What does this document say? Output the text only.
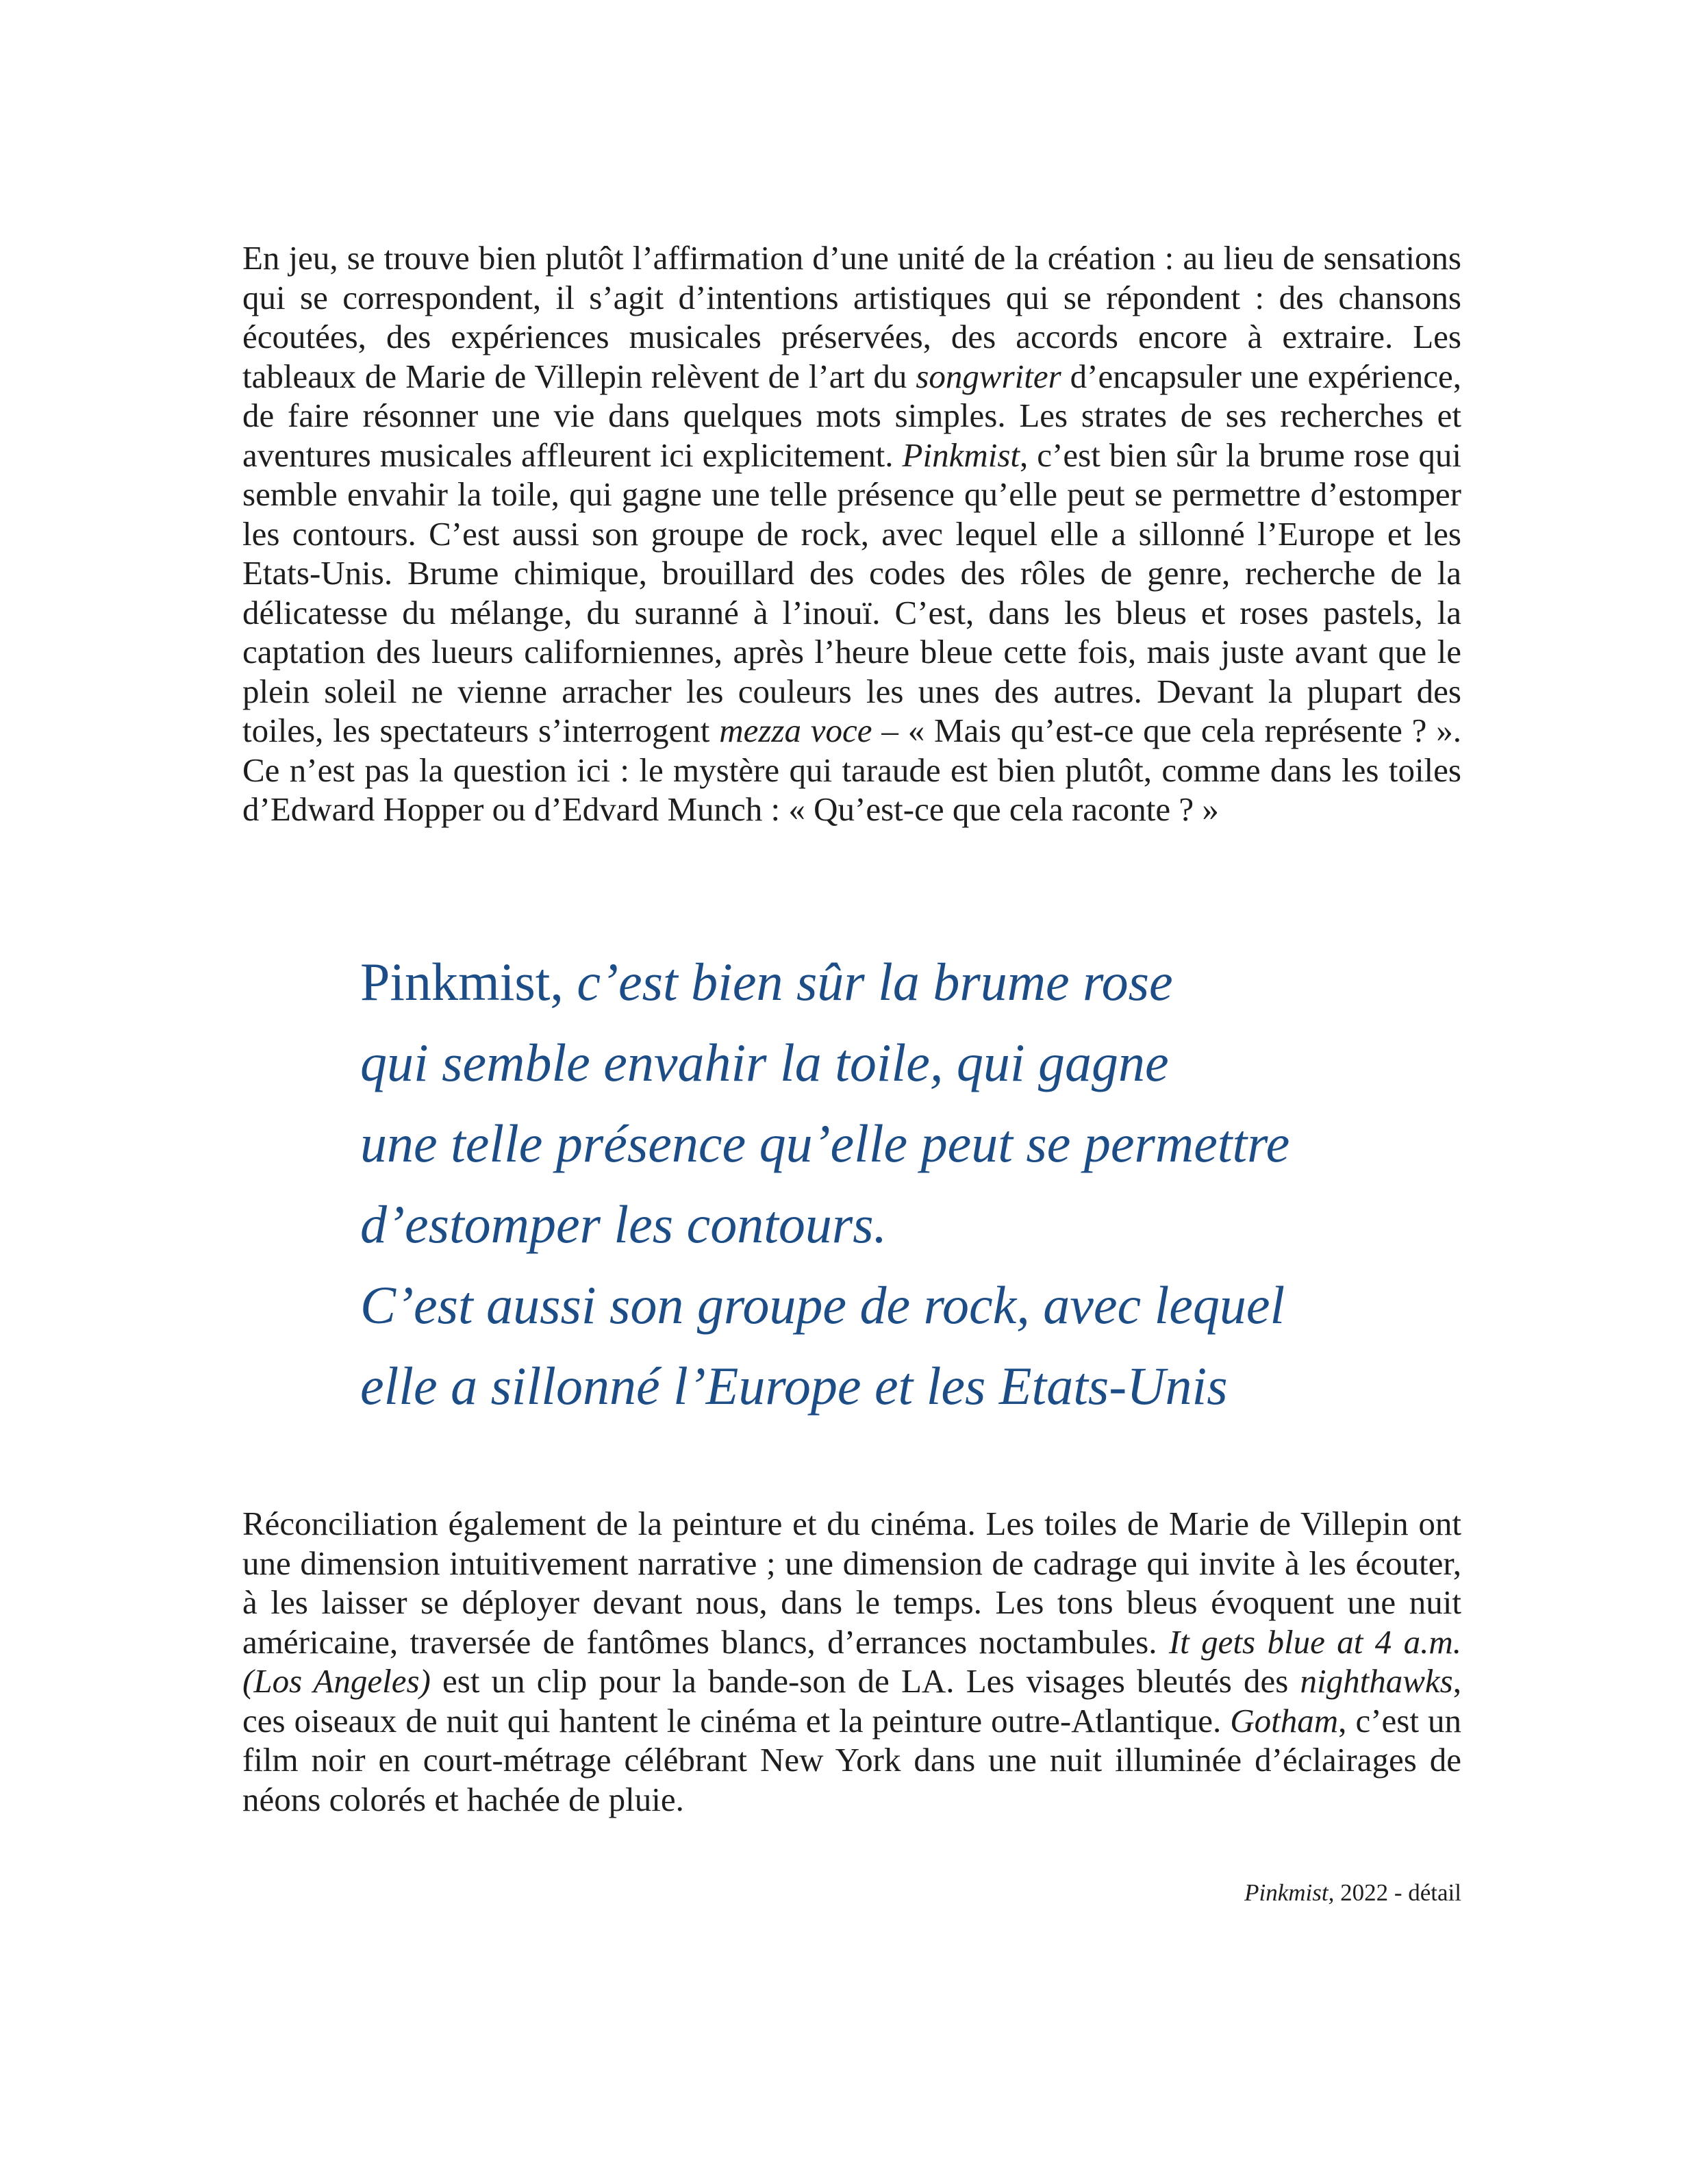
En jeu, se trouve bien plutôt l’affirmation d’une unité de la création : au lieu de sensations qui se correspondent, il s’agit d’intentions artistiques qui se répondent : des chansons écoutées, des expériences musicales préservées, des accords encore à extraire. Les tableaux de Marie de Villepin relèvent de l’art du songwriter d’encapsuler une expérience, de faire résonner une vie dans quelques mots simples. Les strates de ses recherches et aventures musicales affleurent ici explicitement. Pinkmist, c’est bien sûr la brume rose qui semble envahir la toile, qui gagne une telle présence qu’elle peut se permettre d’estomper les contours. C’est aussi son groupe de rock, avec lequel elle a sillonné l’Europe et les Etats-Unis. Brume chimique, brouillard des codes des rôles de genre, recherche de la délicatesse du mélange, du suranné à l’inouï. C’est, dans les bleus et roses pastels, la captation des lueurs californiennes, après l’heure bleue cette fois, mais juste avant que le plein soleil ne vienne arracher les couleurs les unes des autres. Devant la plupart des toiles, les spectateurs s’interrogent mezza voce – « Mais qu’est-ce que cela représente ? ». Ce n’est pas la question ici : le mystère qui taraude est bien plutôt, comme dans les toiles d’Edward Hopper ou d’Edvard Munch : « Qu’est-ce que cela raconte ? »

Pinkmist, c’est bien sûr la brume rose
qui semble envahir la toile, qui gagne
une telle présence qu’elle peut se permettre
d’estomper les contours.
C’est aussi son groupe de rock, avec lequel
elle a sillonné l’Europe et les Etats-Unis

Réconciliation également de la peinture et du cinéma. Les toiles de Marie de Villepin ont une dimension intuitivement narrative ; une dimension de cadrage qui invite à les écouter, à les laisser se déployer devant nous, dans le temps. Les tons bleus évoquent une nuit américaine, traversée de fantômes blancs, d’errances noctambules. It gets blue at 4 a.m. (Los Angeles) est un clip pour la bande-son de LA. Les visages bleutés des nighthawks, ces oiseaux de nuit qui hantent le cinéma et la peinture outre-Atlantique. Gotham, c’est un film noir en court-métrage célébrant New York dans une nuit illuminée d’éclairages de néons colorés et hachée de pluie.

Pinkmist, 2022 - détail
